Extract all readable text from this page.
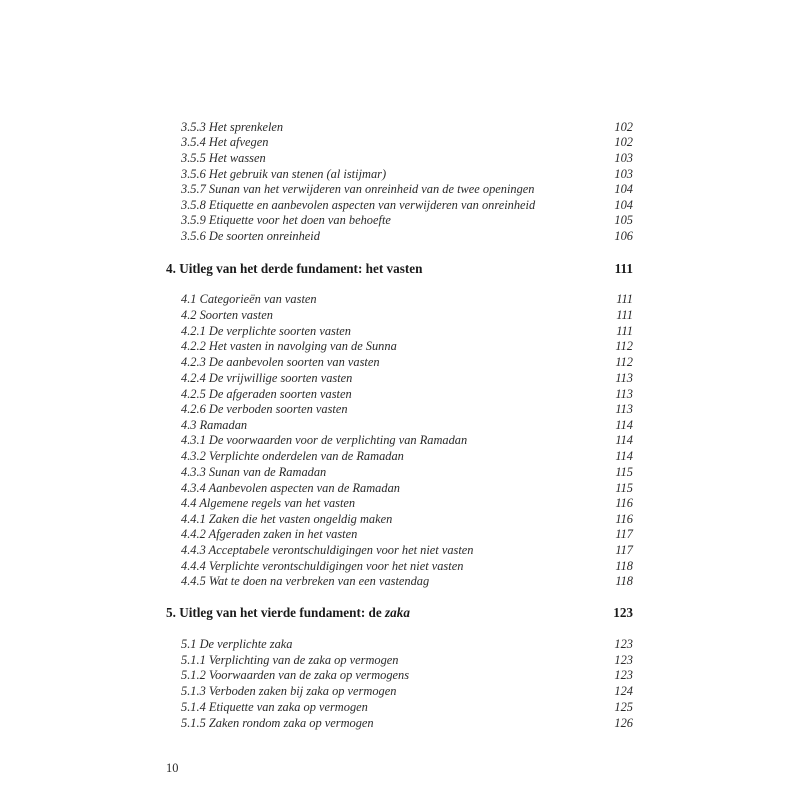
3.5.3 Het sprenkelen	102
3.5.4 Het afvegen	102
3.5.5 Het wassen	103
3.5.6 Het gebruik van stenen (al istijmar)	103
3.5.7 Sunan van het verwijderen van onreinheid van de twee openingen	104
3.5.8 Etiquette en aanbevolen aspecten van verwijderen van onreinheid	104
3.5.9 Etiquette voor het doen van behoefte	105
3.5.6 De soorten onreinheid	106
4. Uitleg van het derde fundament: het vasten	111
4.1 Categorieën van vasten	111
4.2 Soorten vasten	111
4.2.1 De verplichte soorten vasten	111
4.2.2 Het vasten in navolging van de Sunna	112
4.2.3 De aanbevolen soorten van vasten	112
4.2.4 De vrijwillige soorten vasten	113
4.2.5 De afgeraden soorten vasten	113
4.2.6 De verboden soorten vasten	113
4.3 Ramadan	114
4.3.1 De voorwaarden voor de verplichting van Ramadan	114
4.3.2 Verplichte onderdelen van de Ramadan	114
4.3.3 Sunan van de Ramadan	115
4.3.4 Aanbevolen aspecten van de Ramadan	115
4.4 Algemene regels van het vasten	116
4.4.1 Zaken die het vasten ongeldig maken	116
4.4.2 Afgeraden zaken in het vasten	117
4.4.3 Acceptabele verontschuldigingen voor het niet vasten	117
4.4.4 Verplichte verontschuldigingen voor het niet vasten	118
4.4.5 Wat te doen na verbreken van een vastendag	118
5. Uitleg van het vierde fundament: de zaka	123
5.1 De verplichte zaka	123
5.1.1 Verplichting van de zaka op vermogen	123
5.1.2 Voorwaarden van de zaka op vermogens	123
5.1.3 Verboden zaken bij zaka op vermogen	124
5.1.4 Etiquette van zaka op vermogen	125
5.1.5 Zaken rondom zaka op vermogen	126
10
